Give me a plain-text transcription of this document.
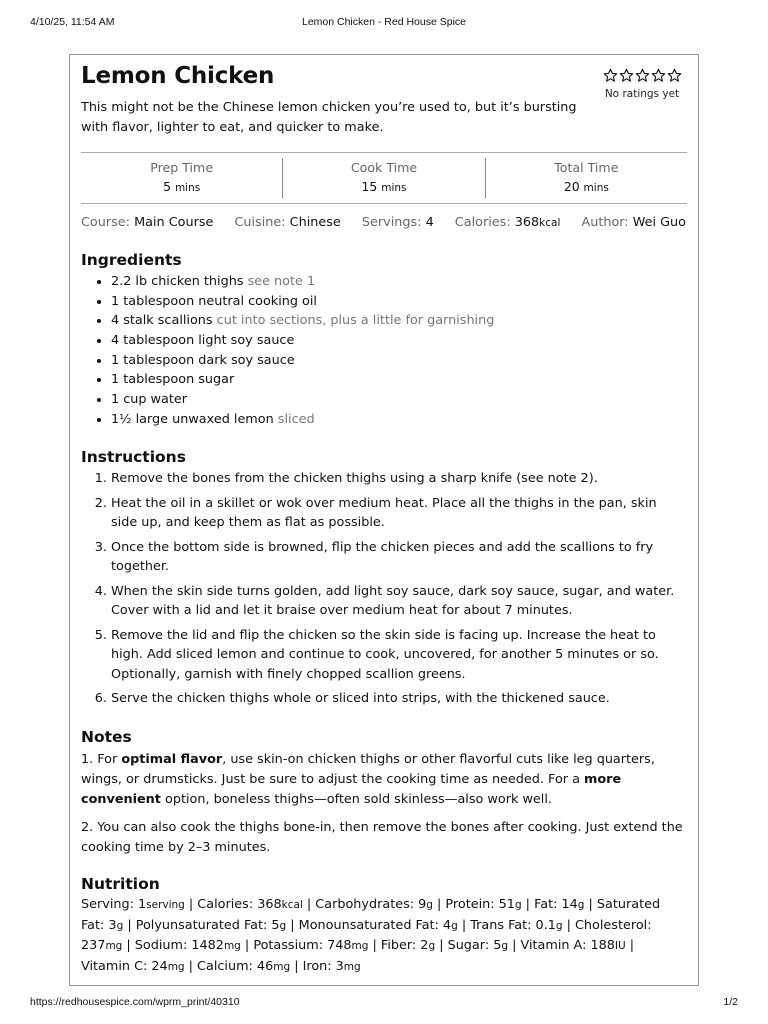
4/10/25, 11:54 AM	Lemon Chicken - Red House Spice
Lemon Chicken
No ratings yet

This might not be the Chinese lemon chicken you’re used to, but it’s bursting with flavor, lighter to eat, and quicker to make.

Prep Time
5 mins
Cook Time
15 mins
Total Time
20 mins
Course: Main Course Cuisine: Chinese Servings: 4 Calories: 368kcal Author: Wei Guo
Ingredients
• 2.2 lb chicken thighs see note 1
• 1 tablespoon neutral cooking oil
• 4 stalk scallions cut into sections, plus a little for garnishing
• 4 tablespoon light soy sauce
• 1 tablespoon dark soy sauce
• 1 tablespoon sugar
• 1 cup water
• 1½ large unwaxed lemon sliced
Instructions
1. Remove the bones from the chicken thighs using a sharp knife (see note 2).
2. Heat the oil in a skillet or wok over medium heat. Place all the thighs in the pan, skin side up, and keep them as flat as possible.
3. Once the bottom side is browned, flip the chicken pieces and add the scallions to fry together.
4. When the skin side turns golden, add light soy sauce, dark soy sauce, sugar, and water. Cover with a lid and let it braise over medium heat for about 7 minutes.
5. Remove the lid and flip the chicken so the skin side is facing up. Increase the heat to high. Add sliced lemon and continue to cook, uncovered, for another 5 minutes or so. Optionally, garnish with finely chopped scallion greens.
6. Serve the chicken thighs whole or sliced into strips, with the thickened sauce.
Notes

1. For optimal flavor, use skin-on chicken thighs or other flavorful cuts like leg quarters, wings, or drumsticks. Just be sure to adjust the cooking time as needed. For a more convenient option, boneless thighs—often sold skinless—also work well.

2. You can also cook the thighs bone-in, then remove the bones after cooking. Just extend the cooking time by 2–3 minutes.

Nutrition
Serving: 1serving | Calories: 368kcal | Carbohydrates: 9g | Protein: 51g | Fat: 14g | Saturated Fat: 3g | Polyunsaturated Fat: 5g | Monounsaturated Fat: 4g | Trans Fat: 0.1g | Cholesterol: 237mg | Sodium: 1482mg | Potassium: 748mg | Fiber: 2g | Sugar: 5g | Vitamin A: 188IU | Vitamin C: 24mg | Calcium: 46mg | Iron: 3mg
https://redhousespice.com/wprm_print/40310	1/2
